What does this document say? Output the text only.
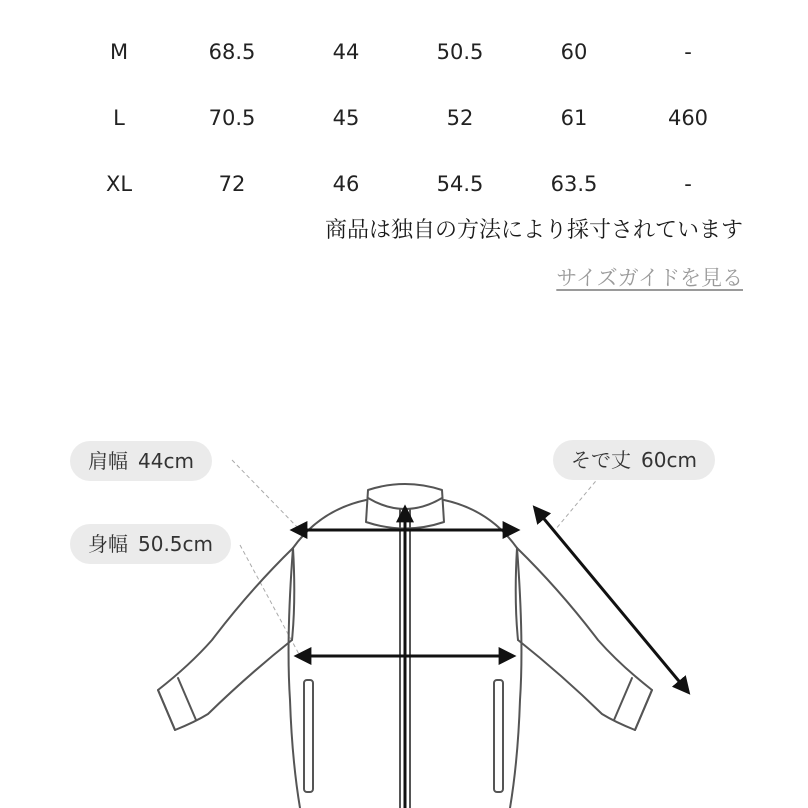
M	68.5	44	50.5	60	-
L	70.5	45	52	61	460
XL	72	46	54.5	63.5	-
商品は独自の方法により採寸されています
サイズガイドを見る
肩幅 44cm
身幅 50.5cm
そで丈 60cm
